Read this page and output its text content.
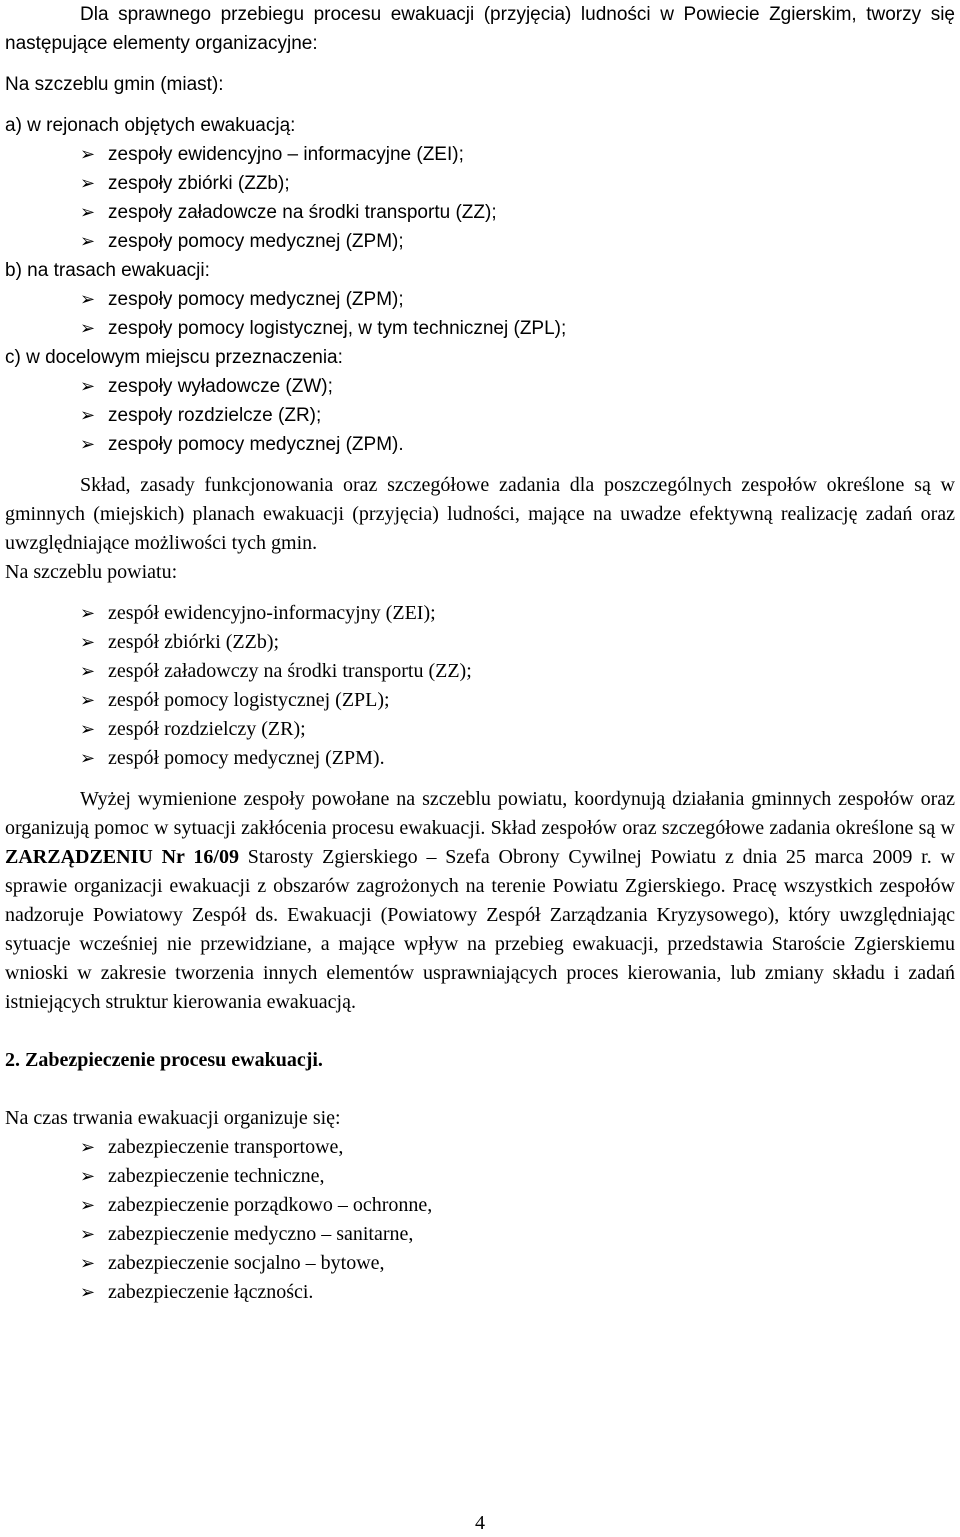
Dla sprawnego przebiegu procesu ewakuacji (przyjęcia) ludności w Powiecie Zgierskim, tworzy się następujące elementy organizacyjne:

Na szczeblu gmin (miast):
a) w rejonach objętych ewakuacją:
➢ zespoły ewidencyjno – informacyjne (ZEI);
➢ zespoły zbiórki (ZZb);
➢ zespoły załadowcze na środki transportu (ZZ);
➢ zespoły pomocy medycznej (ZPM);
b) na trasach ewakuacji:
➢ zespoły pomocy medycznej (ZPM);
➢ zespoły pomocy logistycznej, w tym technicznej (ZPL);
c) w docelowym miejscu przeznaczenia:
➢ zespoły wyładowcze (ZW);
➢ zespoły rozdzielcze (ZR);
➢ zespoły pomocy medycznej (ZPM).

Skład, zasady funkcjonowania oraz szczegółowe zadania dla poszczególnych zespołów określone są w gminnych (miejskich) planach ewakuacji (przyjęcia) ludności, mające na uwadze efektywną realizację zadań oraz uwzględniające możliwości tych gmin.

Na szczeblu powiatu:
➢ zespół ewidencyjno-informacyjny (ZEI);
➢ zespół zbiórki (ZZb);
➢ zespół załadowczy na środki transportu (ZZ);
➢ zespół pomocy logistycznej (ZPL);
➢ zespół rozdzielczy (ZR);
➢ zespół pomocy medycznej (ZPM).

Wyżej wymienione zespoły powołane na szczeblu powiatu, koordynują działania gminnych zespołów oraz organizują pomoc w sytuacji zakłócenia procesu ewakuacji. Skład zespołów oraz szczegółowe zadania określone są w ZARZĄDZENIU Nr 16/09 Starosty Zgierskiego – Szefa Obrony Cywilnej Powiatu z dnia 25 marca 2009 r. w sprawie organizacji ewakuacji z obszarów zagrożonych na terenie Powiatu Zgierskiego. Pracę wszystkich zespołów nadzoruje Powiatowy Zespół ds. Ewakuacji (Powiatowy Zespół Zarządzania Kryzysowego), który uwzględniając sytuacje wcześniej nie przewidziane, a mające wpływ na przebieg ewakuacji, przedstawia Staroście Zgierskiemu wnioski w zakresie tworzenia innych elementów usprawniających proces kierowania, lub zmiany składu i zadań istniejących struktur kierowania ewakuacją.

2. Zabezpieczenie procesu ewakuacji.
Na czas trwania ewakuacji organizuje się:
➢ zabezpieczenie transportowe,
➢ zabezpieczenie techniczne,
➢ zabezpieczenie porządkowo – ochronne,
➢ zabezpieczenie medyczno – sanitarne,
➢ zabezpieczenie socjalno – bytowe,
➢ zabezpieczenie łączności.
4
